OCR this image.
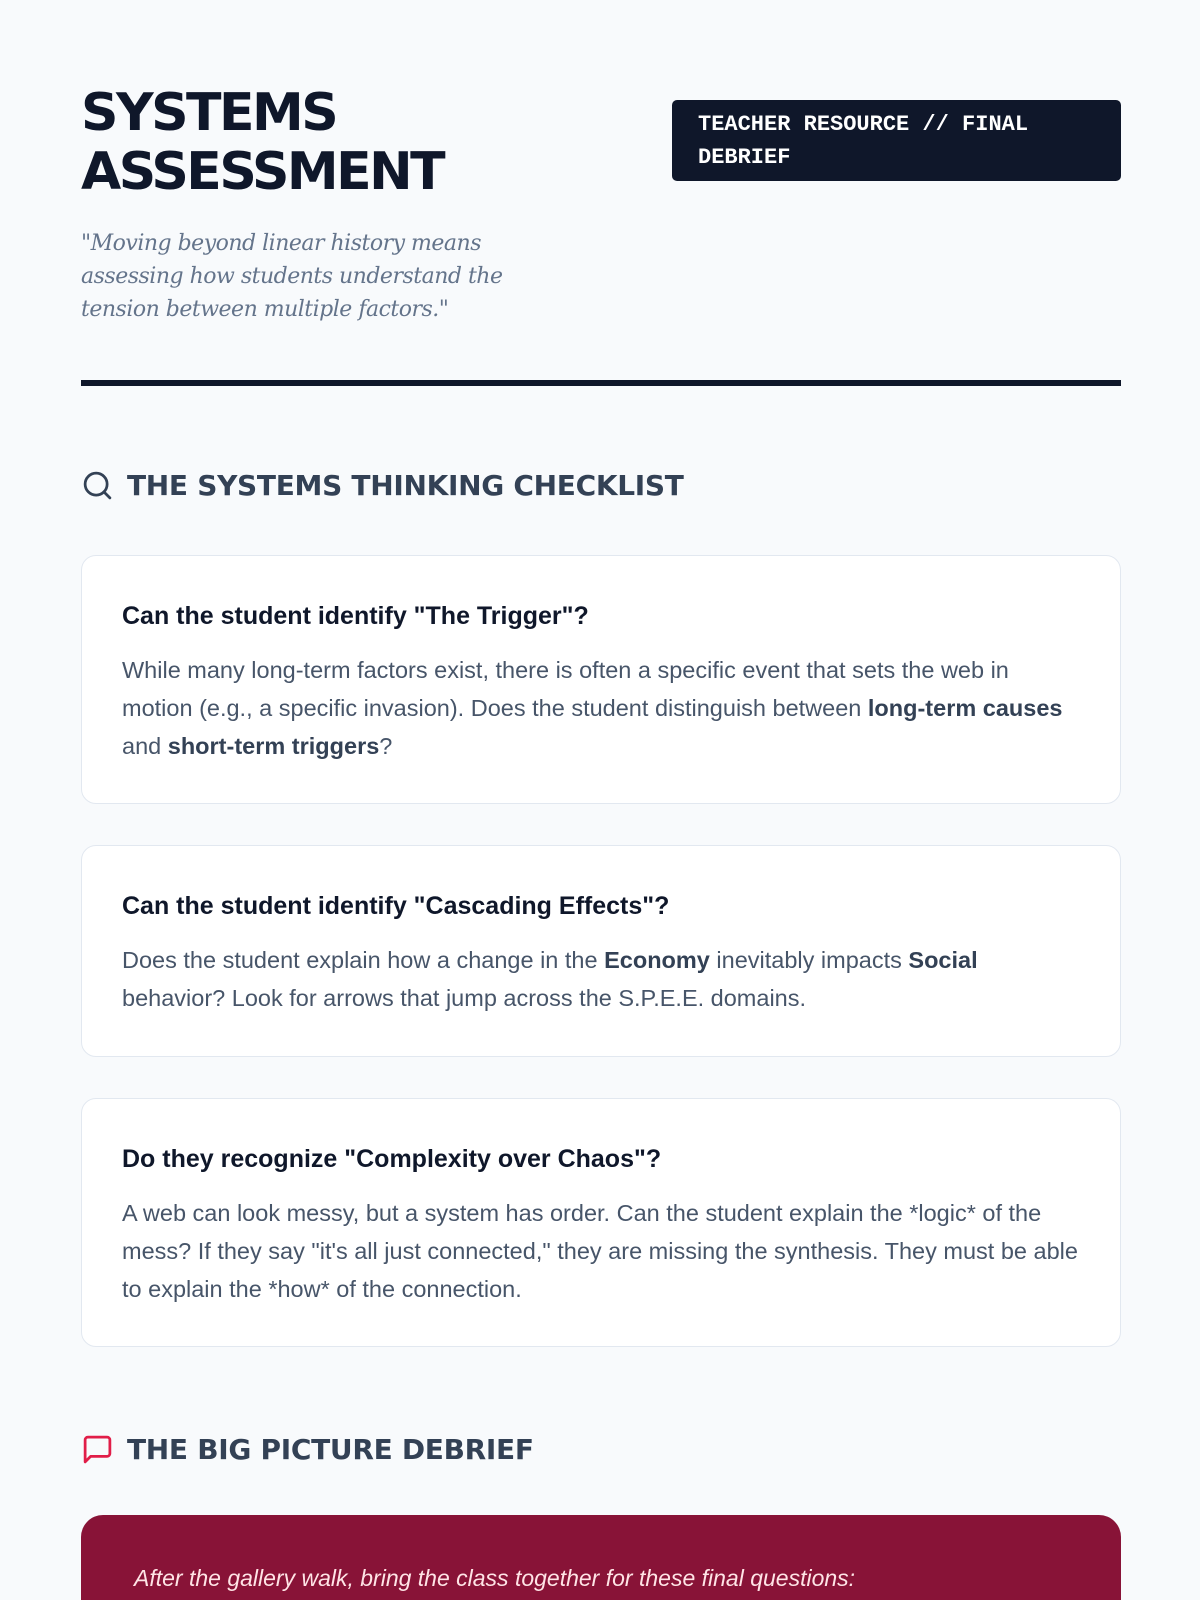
SYSTEMS
ASSESSMENT
TEACHER RESOURCE // FINAL DEBRIEF

"Moving beyond linear history means assessing how students understand the tension between multiple factors."

THE SYSTEMS THINKING CHECKLIST
Can the student identify "The Trigger"?

While many long-term factors exist, there is often a specific event that sets the web in motion (e.g., a specific invasion). Does the student distinguish between long-term causes and short-term triggers?

Can the student identify "Cascading Effects"?

Does the student explain how a change in the Economy inevitably impacts Social behavior? Look for arrows that jump across the S.P.E.E. domains.

Do they recognize "Complexity over Chaos"?

A web can look messy, but a system has order. Can the student explain the *logic* of the mess? If they say "it's all just connected," they are missing the synthesis. They must be able to explain the *how* of the connection.

THE BIG PICTURE DEBRIEF

After the gallery walk, bring the class together for these final questions:
